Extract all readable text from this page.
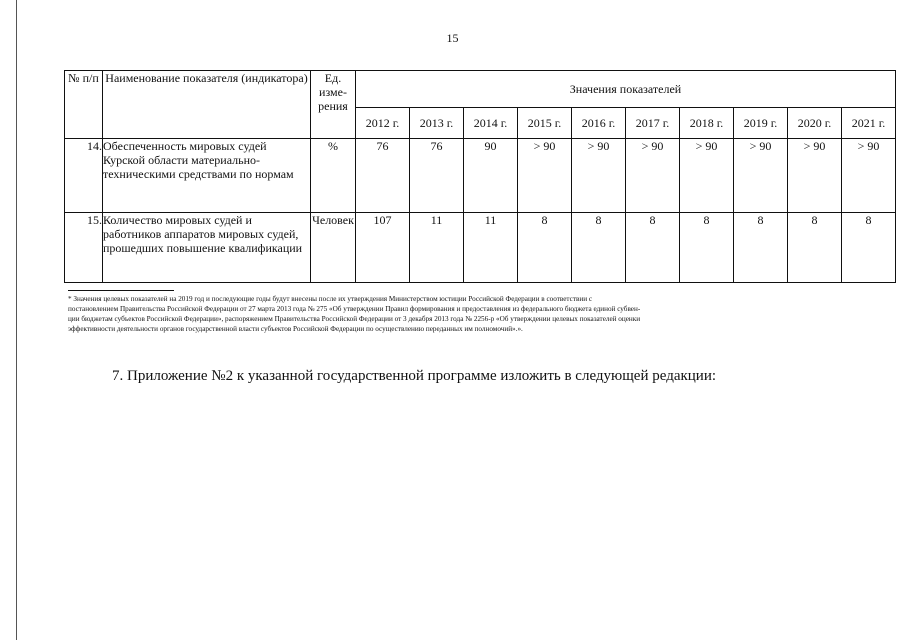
15
№ п/п	Наименование показателя (индикатора)	Ед. изме-рения	Значения показателей									
			2012 г.	2013 г.	2014 г.	2015 г.	2016 г.	2017 г.	2018 г.	2019 г.	2020 г.	2021 г.
14.	Обеспеченность мировых судей Курской области материально-техническими средствами по нормам	%	76	76	90	> 90	> 90	> 90	> 90	> 90	> 90	> 90
15.	Количество мировых судей и работников аппаратов мировых судей, прошедших повышение квалификации	Человек	107	11	11	8	8	8	8	8	8	8
* Значения целевых показателей на 2019 год и последующие годы будут внесены после их утверждения Министерством юстиции Российской Федерации в соответствии с
постановлением Правительства Российской Федерации от 27 марта 2013 года № 275 «Об утверждении Правил формирования и предоставления из федерального бюджета единой субвен-
ции бюджетам субъектов Российской Федерации», распоряжением Правительства Российской Федерации от 3 декабря 2013 года № 2256-р «Об утверждении целевых показателей оценки
эффективности деятельности органов государственной власти субъектов Российской Федерации по осуществлению переданных им полномочий».».
7. Приложение №2 к указанной государственной программе изложить в следующей редакции:
